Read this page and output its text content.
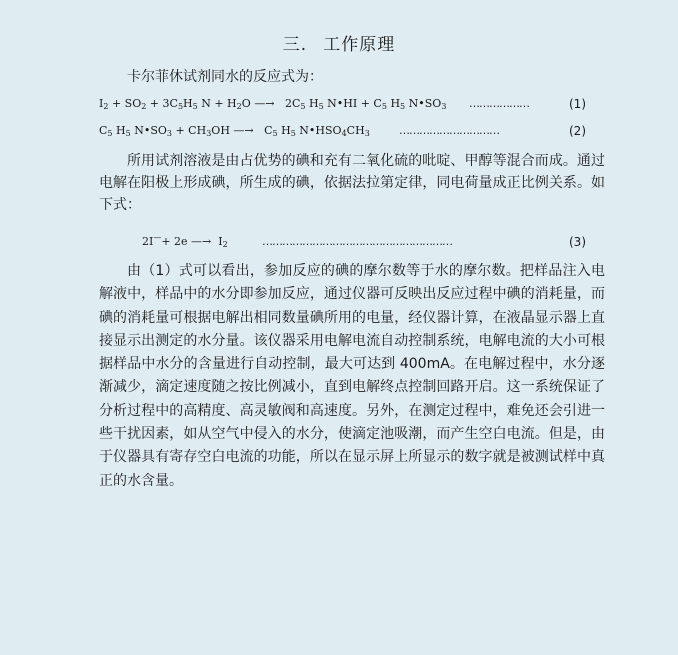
三. 工作原理
卡尔菲休试剂同水的反应式为：
$I_2 + SO_2 + 3C_5H_5$ $N + H_2O$ —→   $2C_5$ $H_5$ N•HI + $C_5$ $H_5$ $N•SO_3$ ………………	(1)
$C_5$ $H_5$ $N•SO_3 + CH_3OH$ —→   $C_5$ $H_5$ $N•HSO_4CH_3$	…………………………	(2)
所用试剂溶液是由占优势的碘和充有二氧化硫的吡啶、甲醇等混合而成。通过电解在阳极上形成碘，所生成的碘，依据法拉第定律，同电荷量成正比例关系。如下式：
2I—+ 2e —→  $I_2$	…………………………………………………	(3)
由（1）式可以看出，参加反应的碘的摩尔数等于水的摩尔数。把样品注入电解液中，样品中的水分即参加反应，通过仪器可反映出反应过程中碘的消耗量，而碘的消耗量可根据电解出相同数量碘所用的电量，经仪器计算，在液晶显示器上直接显示出测定的水分量。该仪器采用电解电流自动控制系统，电解电流的大小可根据样品中水分的含量进行自动控制，最大可达到 400mA。在电解过程中，水分逐渐减少，滴定速度随之按比例减小，直到电解终点控制回路开启。这一系统保证了分析过程中的高精度、高灵敏阀和高速度。另外，在测定过程中，难免还会引进一些干扰因素，如从空气中侵入的水分，使滴定池吸潮，而产生空白电流。但是，由于仪器具有寄存空白电流的功能，所以在显示屏上所显示的数字就是被测试样中真正的水含量。
